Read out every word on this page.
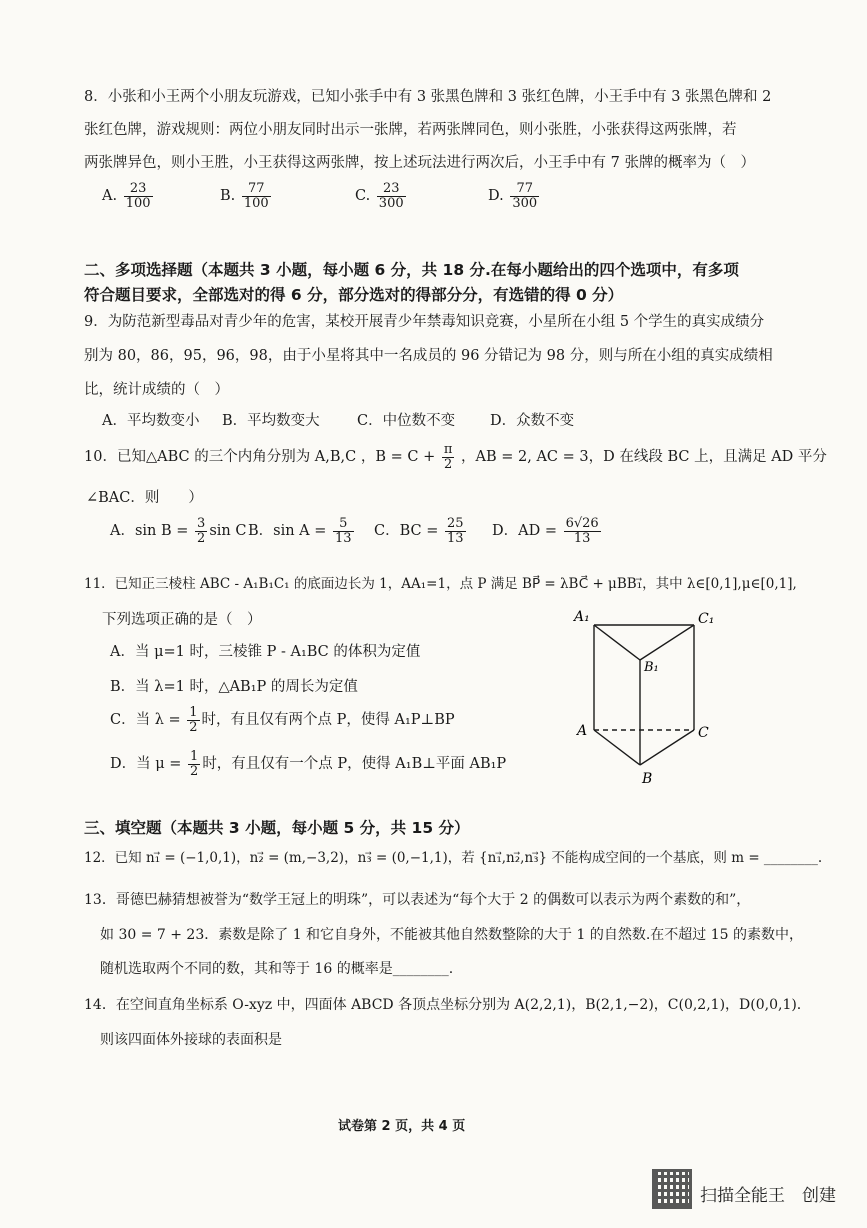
8．小张和小王两个小朋友玩游戏，已知小张手中有 3 张黑色牌和 3 张红色牌，小王手中有 3 张黑色牌和 2
张红色牌，游戏规则：两位小朋友同时出示一张牌，若两张牌同色，则小张胜，小张获得这两张牌，若
两张牌异色，则小王胜，小王获得这两张牌，按上述玩法进行两次后，小王手中有 7 张牌的概率为（　）
A. $\frac{23}{100}$	B. $\frac{77}{100}$	C. $\frac{23}{300}$	D. $\frac{77}{300}$
二、多项选择题（本题共 3 小题，每小题 6 分，共 18 分.在每小题给出的四个选项中，有多项
符合题目要求，全部选对的得 6 分，部分选对的得部分分，有选错的得 0 分）
9．为防范新型毒品对青少年的危害，某校开展青少年禁毒知识竞赛，小星所在小组 5 个学生的真实成绩分
别为 80，86，95，96，98，由于小星将其中一名成员的 96 分错记为 98 分，则与所在小组的真实成绩相
比，统计成绩的（　）
A．平均数变小 B．平均数变大	C．中位数不变 D．众数不变
10．已知△ABC 的三个内角分别为 A,B,C ，$B = C + \frac{\pi}{2}$ ，AB = 2, AC = 3，D 在线段 BC 上，且满足 AD 平分
∠BAC．则　　）
A．$\sin B = \frac{3}{2}$ sin C B．$\sin A = \frac{5}{13}$ C．BC = $\frac{25}{13}$ D．AD = $\frac{6√26}{13}$
11．已知正三棱柱 ABC - A₁B₁C₁ 的底面边长为 1，AA₁=1，点 P 满足 BP⃗ = λBC⃗ + μBB₁⃗，其中 λ∈[0,1],μ∈[0,1],
下列选项正确的是（　）
A．当 μ=1 时，三棱锥 P - A₁BC 的体积为定值
B．当 λ=1 时，△AB₁P 的周长为定值
C．当 $\lambda = \frac{1}{2}$ 时，有且仅有两个点 P，使得 A₁P⊥BP
D．当 $\mu = \frac{1}{2}$ 时，有且仅有一个点 P，使得 A₁B⊥平面 AB₁P
A₁	C₁
B₁
A	C
B
三、填空题（本题共 3 小题，每小题 5 分，共 15 分）
12．已知 n₁⃗ = (−1,0,1)，n₂⃗ = (m,−3,2)，n₃⃗ = (0,−1,1)，若 {n₁⃗,n₂⃗,n₃⃗} 不能构成空间的一个基底，则 m = ________.
13．哥德巴赫猜想被誉为“数学王冠上的明珠”，可以表述为“每个大于 2 的偶数可以表示为两个素数的和”，
如 30 = 7 + 23．素数是除了 1 和它自身外，不能被其他自然数整除的大于 1 的自然数.在不超过 15 的素数中，
随机选取两个不同的数，其和等于 16 的概率是________.
14．在空间直角坐标系 O-xyz 中，四面体 ABCD 各顶点坐标分别为 A(2,2,1)，B(2,1,−2)，C(0,2,1)，D(0,0,1).
则该四面体外接球的表面积是
试卷第 2 页，共 4 页
扫描全能王　创建
